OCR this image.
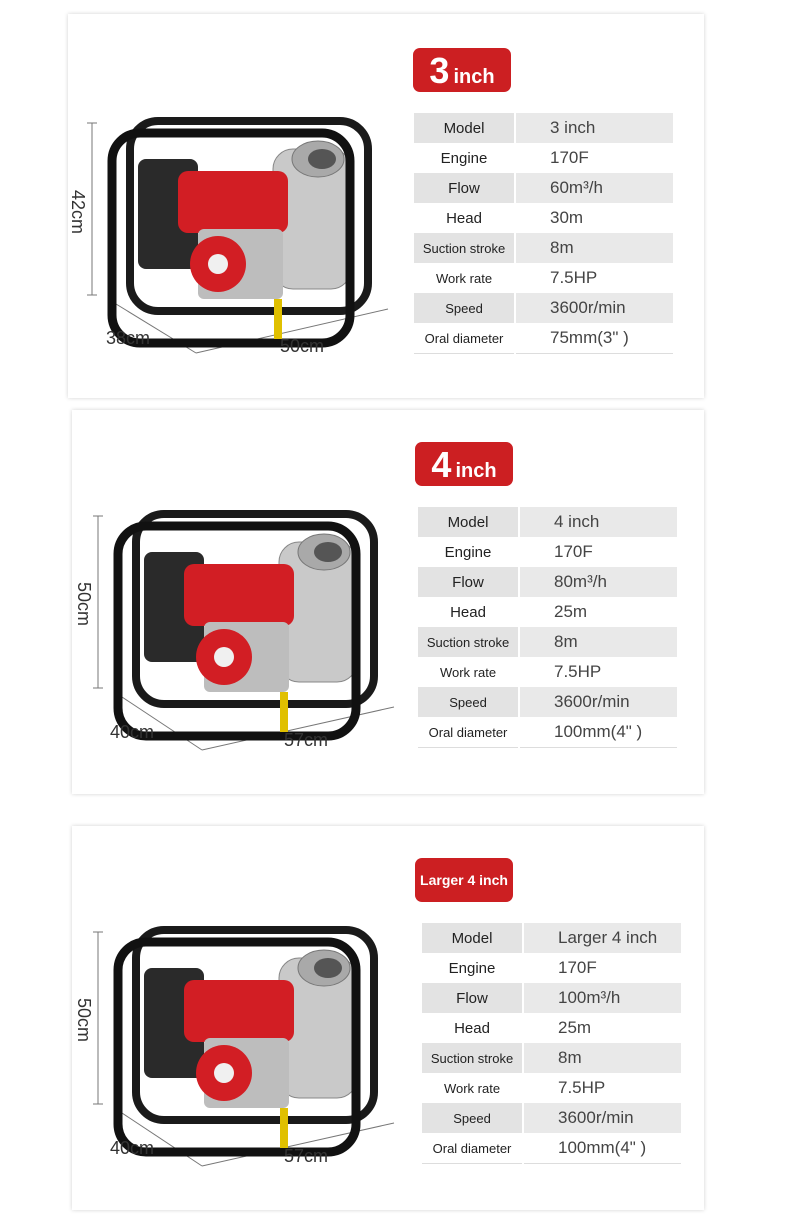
3 inch
42cm
38cm	50cm
Model	3 inch
Engine	170F
Flow	60m³/h
Head	30m
Suction stroke	8m
Work rate	7.5HP
Speed	3600r/min
Oral diameter	75mm(3" )
4 inch
50cm
40cm	57cm
Model	4 inch
Engine	170F
Flow	80m³/h
Head	25m
Suction stroke	8m
Work rate	7.5HP
Speed	3600r/min
Oral diameter	100mm(4" )
Larger 4 inch
50cm
40cm	57cm
Model	Larger 4 inch
Engine	170F
Flow	100m³/h
Head	25m
Suction stroke	8m
Work rate	7.5HP
Speed	3600r/min
Oral diameter	100mm(4" )
